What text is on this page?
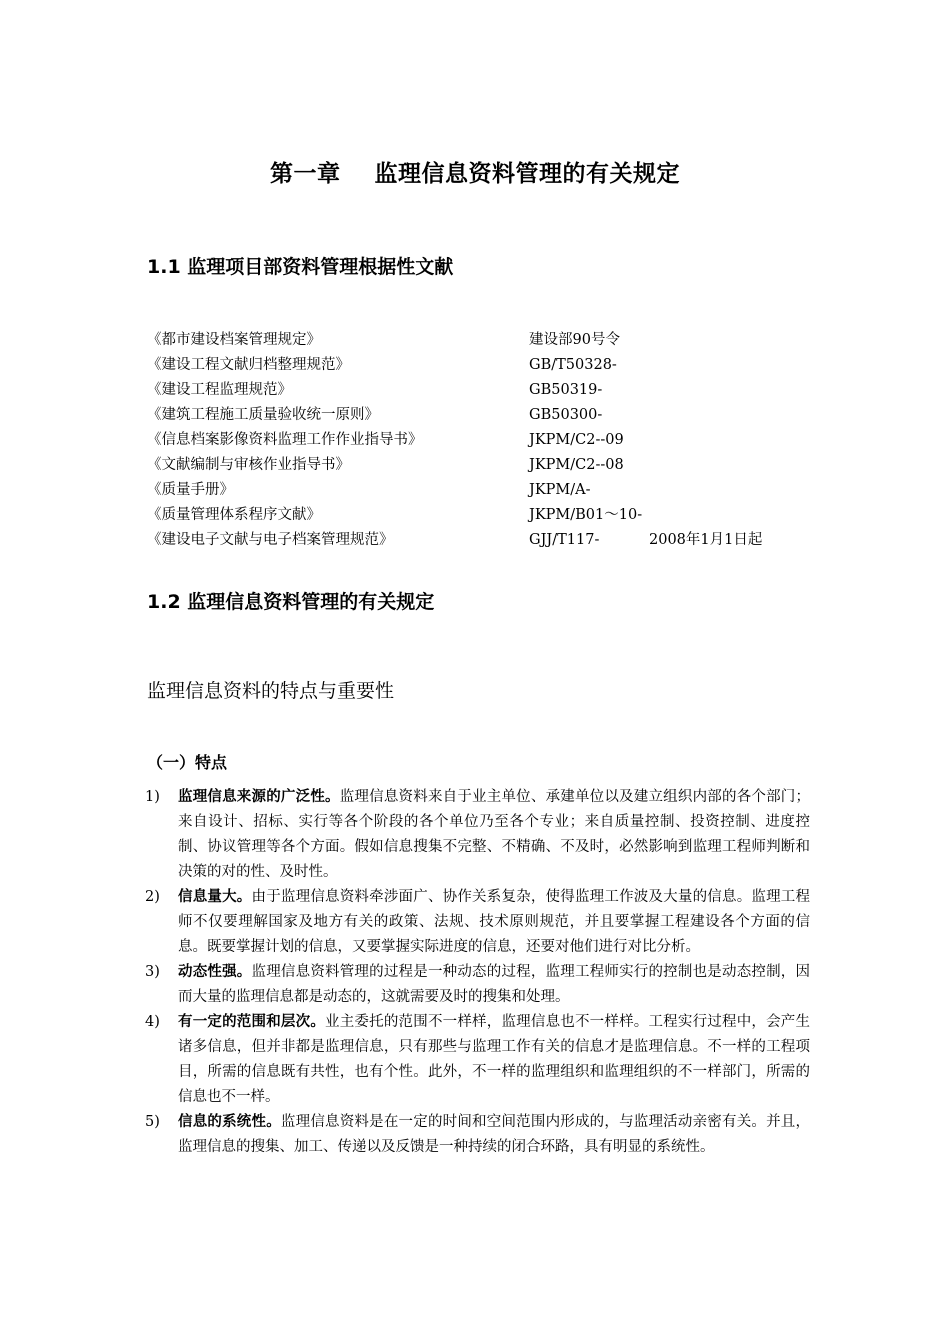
第一章    监理信息资料管理的有关规定
1.1 监理项目部资料管理根据性文献
《都市建设档案管理规定》	建设部90号令
《建设工程文献归档整理规范》	GB/T50328-
《建设工程监理规范》	GB50319-
《建筑工程施工质量验收统一原则》	GB50300-
《信息档案影像资料监理工作作业指导书》	JKPM/C2--09
《文献编制与审核作业指导书》	JKPM/C2--08
《质量手册》	JKPM/A-
《质量管理体系程序文献》	JKPM/B01～10-
《建设电子文献与电子档案管理规范》	GJJ/T117-	2008年1月1日起
1.2 监理信息资料管理的有关规定
监理信息资料的特点与重要性
（一）特点
1) 监理信息来源的广泛性。监理信息资料来自于业主单位、承建单位以及建立组织内部的各个部门；来自设计、招标、实行等各个阶段的各个单位乃至各个专业；来自质量控制、投资控制、进度控制、协议管理等各个方面。假如信息搜集不完整、不精确、不及时，必然影响到监理工程师判断和决策的对的性、及时性。
2) 信息量大。由于监理信息资料牵涉面广、协作关系复杂，使得监理工作波及大量的信息。监理工程师不仅要理解国家及地方有关的政策、法规、技术原则规范，并且要掌握工程建设各个方面的信息。既要掌握计划的信息，又要掌握实际进度的信息，还要对他们进行对比分析。
3) 动态性强。监理信息资料管理的过程是一种动态的过程，监理工程师实行的控制也是动态控制，因而大量的监理信息都是动态的，这就需要及时的搜集和处理。
4) 有一定的范围和层次。业主委托的范围不一样样，监理信息也不一样样。工程实行过程中，会产生诸多信息，但并非都是监理信息，只有那些与监理工作有关的信息才是监理信息。不一样的工程项目，所需的信息既有共性，也有个性。此外，不一样的监理组织和监理组织的不一样部门，所需的信息也不一样。
5) 信息的系统性。监理信息资料是在一定的时间和空间范围内形成的，与监理活动亲密有关。并且，监理信息的搜集、加工、传递以及反馈是一种持续的闭合环路，具有明显的系统性。
